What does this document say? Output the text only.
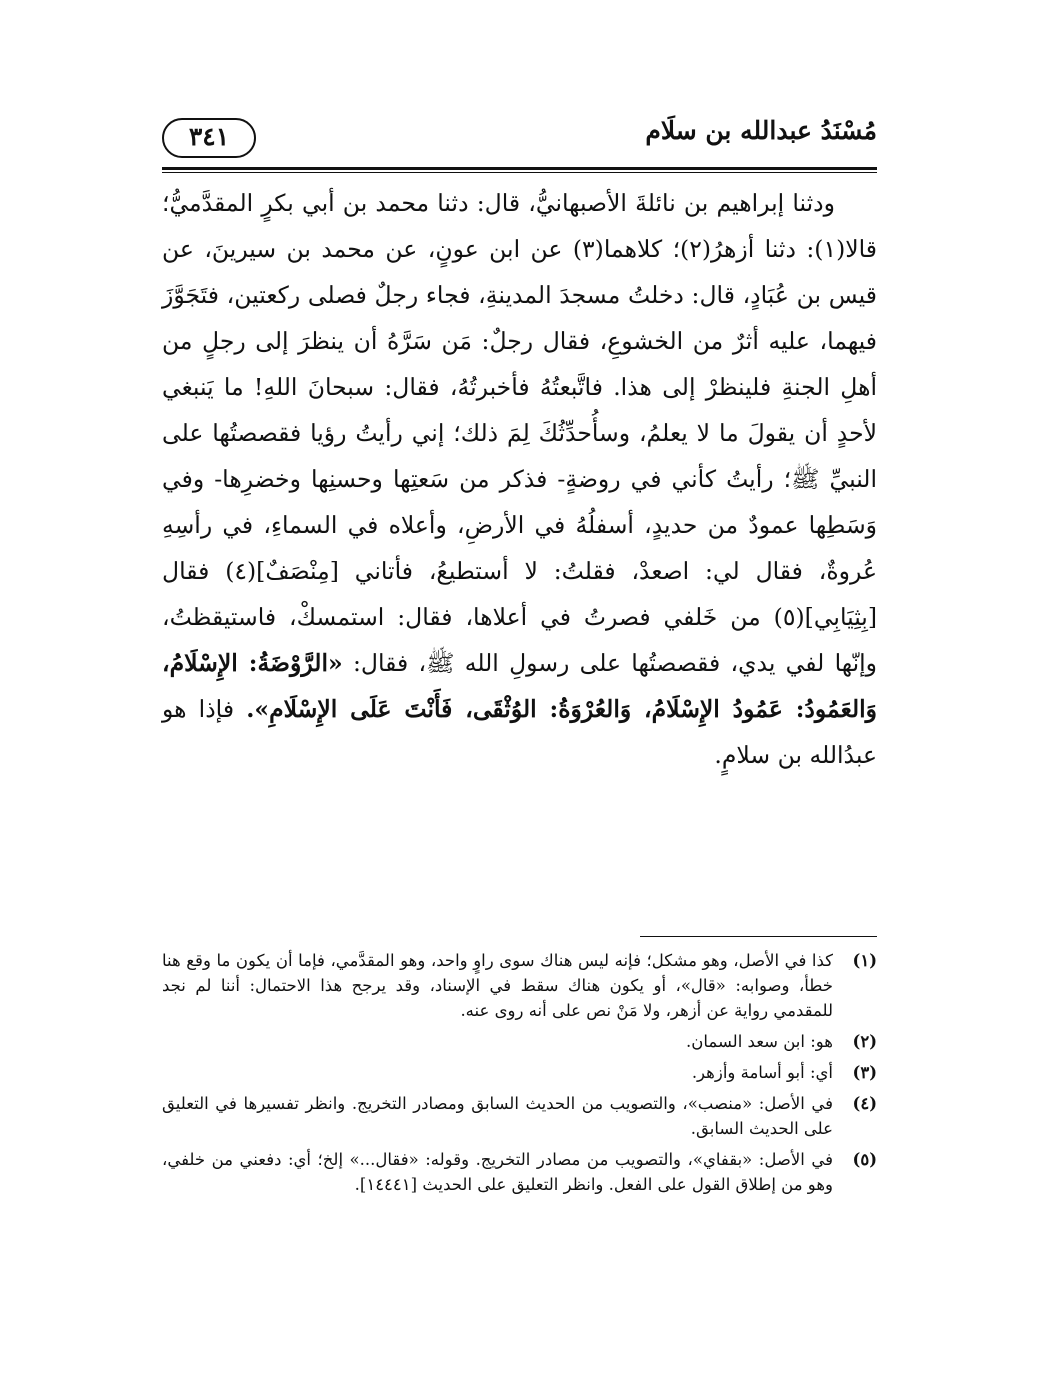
مُسْنَدُ عبدالله بن سلَام
٣٤١

ودثنا إبراهيم بن نائلةَ الأصبهانيُّ، قال: دثنا محمد بن أبي بكرٍ المقدَّميُّ؛ قالا(١): دثنا أزهرُ(٢)؛ كلاهما(٣) عن ابن عونٍ، عن محمد بن سيرينَ، عن قيس بن عُبَادٍ، قال: دخلتُ مسجدَ المدينةِ، فجاء رجلٌ فصلى ركعتين، فتَجَوَّزَ فيهما، عليه أثرٌ من الخشوعِ، فقال رجلٌ: مَن سَرَّهُ أن ينظرَ إلى رجلٍ من أهلِ الجنةِ فلينظرْ إلى هذا. فاتَّبعتُهُ فأخبرتُهُ، فقال: سبحانَ اللهِ! ما يَنبغي لأحدٍ أن يقولَ ما لا يعلمُ، وسأُحدِّثُكَ لِمَ ذلك؛ إني رأيتُ رؤيا فقصصتُها على النبيِّ ﷺ؛ رأيتُ كأني في روضةٍ- فذكر من سَعتِها وحسنِها وخضرِها- وفي وَسَطِها عمودٌ من حديدٍ، أسفلُهُ في الأرضِ، وأعلاه في السماءِ، في رأسِهِ عُروةٌ، فقال لي: اصعدْ، فقلتُ: لا أستطيعُ، فأتاني [مِنْصَفٌ](٤) فقال [بِثِيَابِي](٥) من خَلفي فصرتُ في أعلاها، فقال: استمسكْ، فاستيقظتُ، وإنّها لفي يدي، فقصصتُها على رسولِ الله ﷺ، فقال: «الرَّوْضَةُ: الإِسْلَامُ، وَالعَمُودُ: عَمُودُ الإِسْلَامُ، وَالعُرْوَةُ: الوُثْقَى، فَأَنْتَ عَلَى الإِسْلَامِ». فإذا هو عبدُالله بن سلامٍ.

(١)
كذا في الأصل، وهو مشكل؛ فإنه ليس هناك سوى راوٍ واحد، وهو المقدَّمي، فإما أن يكون ما وقع هنا خطأ، وصوابه: «قال»، أو يكون هناك سقط في الإسناد، وقد يرجح هذا الاحتمال: أننا لم نجد للمقدمي رواية عن أزهر، ولا مَنْ نص على أنه روى عنه.
(٢)
هو: ابن سعد السمان.
(٣)
أي: أبو أسامة وأزهر.
(٤)
في الأصل: «منصب»، والتصويب من الحديث السابق ومصادر التخريج. وانظر تفسيرها في التعليق على الحديث السابق.
(٥)
في الأصل: «بقفاي»، والتصويب من مصادر التخريج. وقوله: «فقال...» إلخ؛ أي: دفعني من خلفي، وهو من إطلاق القول على الفعل. وانظر التعليق على الحديث [١٤٤٤١].
